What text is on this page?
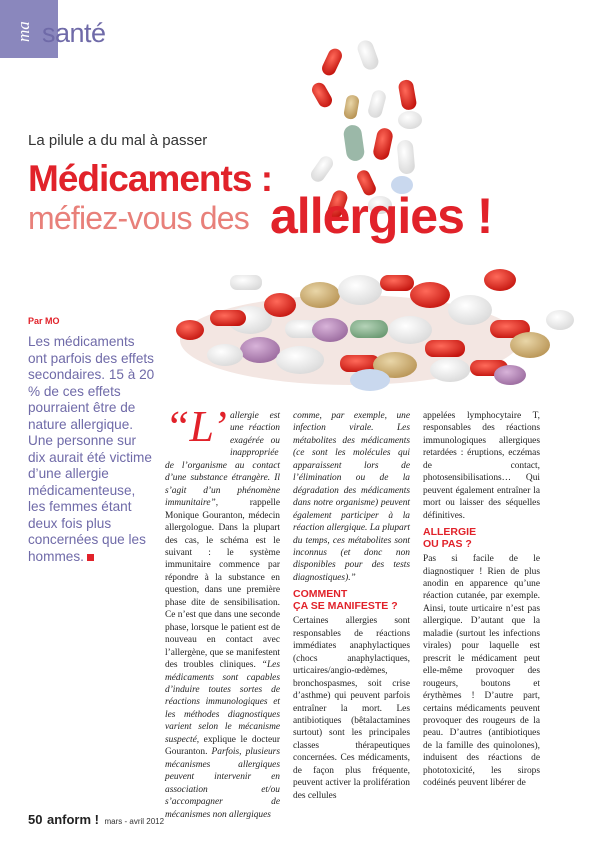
ma santé
La pilule a du mal à passer
Médicaments :
méfiez-vous des allergies !
Par MO
Les médicaments ont parfois des effets secondaires. 15 à 20 % de ces effets pourraient être de nature allergique. Une personne sur dix aurait été victime d’une allergie médicamenteuse, les femmes étant deux fois plus concernées que les hommes.

“L’ allergie est une réaction exagérée ou inappropriée de l’organisme au contact d’une substance étrangère. Il s’agit d’un phénomène immunitaire”, rappelle Monique Gouranton, médecin allergologue. Dans la plupart des cas, le schéma est le suivant : le système immunitaire commence par répondre à la substance en question, dans une première phase dite de sensibilisation. Ce n’est que dans une seconde phase, lorsque le patient est de nouveau en contact avec l’allergène, que se manifestent des troubles cliniques. “Les médicaments sont capables d’induire toutes sortes de réactions immunologiques et les méthodes diagnostiques varient selon le mécanisme suspecté, explique le docteur Gouranton. Parfois, plusieurs mécanismes allergiques peuvent intervenir en association et/ou s’accompagner de mécanismes non allergiques

comme, par exemple, une infection virale. Les métabolites des médicaments (ce sont les molécules qui apparaissent lors de l’élimination ou de la dégradation des médicaments dans notre organisme) peuvent également participer à la réaction allergique. La plupart du temps, ces métabolites sont inconnus (et donc non disponibles pour des tests diagnostiques).”

COMMENT
ÇA SE MANIFESTE ?

Certaines allergies sont responsables de réactions immédiates anaphylactiques (chocs anaphylactiques, urticaires/angio-œdèmes, bronchospasmes, soit crise d’asthme) qui peuvent parfois entraîner la mort. Les antibiotiques (bêtalactamines surtout) sont les principales classes thérapeutiques concernées. Ces médicaments, de façon plus fréquente, peuvent activer la prolifération des cellules

appelées lymphocytaire T, responsables des réactions immunologiques allergiques retardées : éruptions, eczémas de contact, photosensibilisations… Qui peuvent également entraîner la mort ou laisser des séquelles définitives.

ALLERGIE
OU PAS ?

Pas si facile de le diagnostiquer ! Rien de plus anodin en apparence qu’une réaction cutanée, par exemple. Ainsi, toute urticaire n’est pas allergique. D’autant que la maladie (surtout les infections virales) pour laquelle est prescrit le médicament peut elle-même provoquer des rougeurs, boutons et érythèmes ! D’autre part, certains médicaments peuvent provoquer des rougeurs de la peau. D’autres (antibiotiques de la famille des quinolones), induisent des réactions de phototoxicité, les sirops codéinés peuvent libérer de

50 anform ! mars - avril 2012
